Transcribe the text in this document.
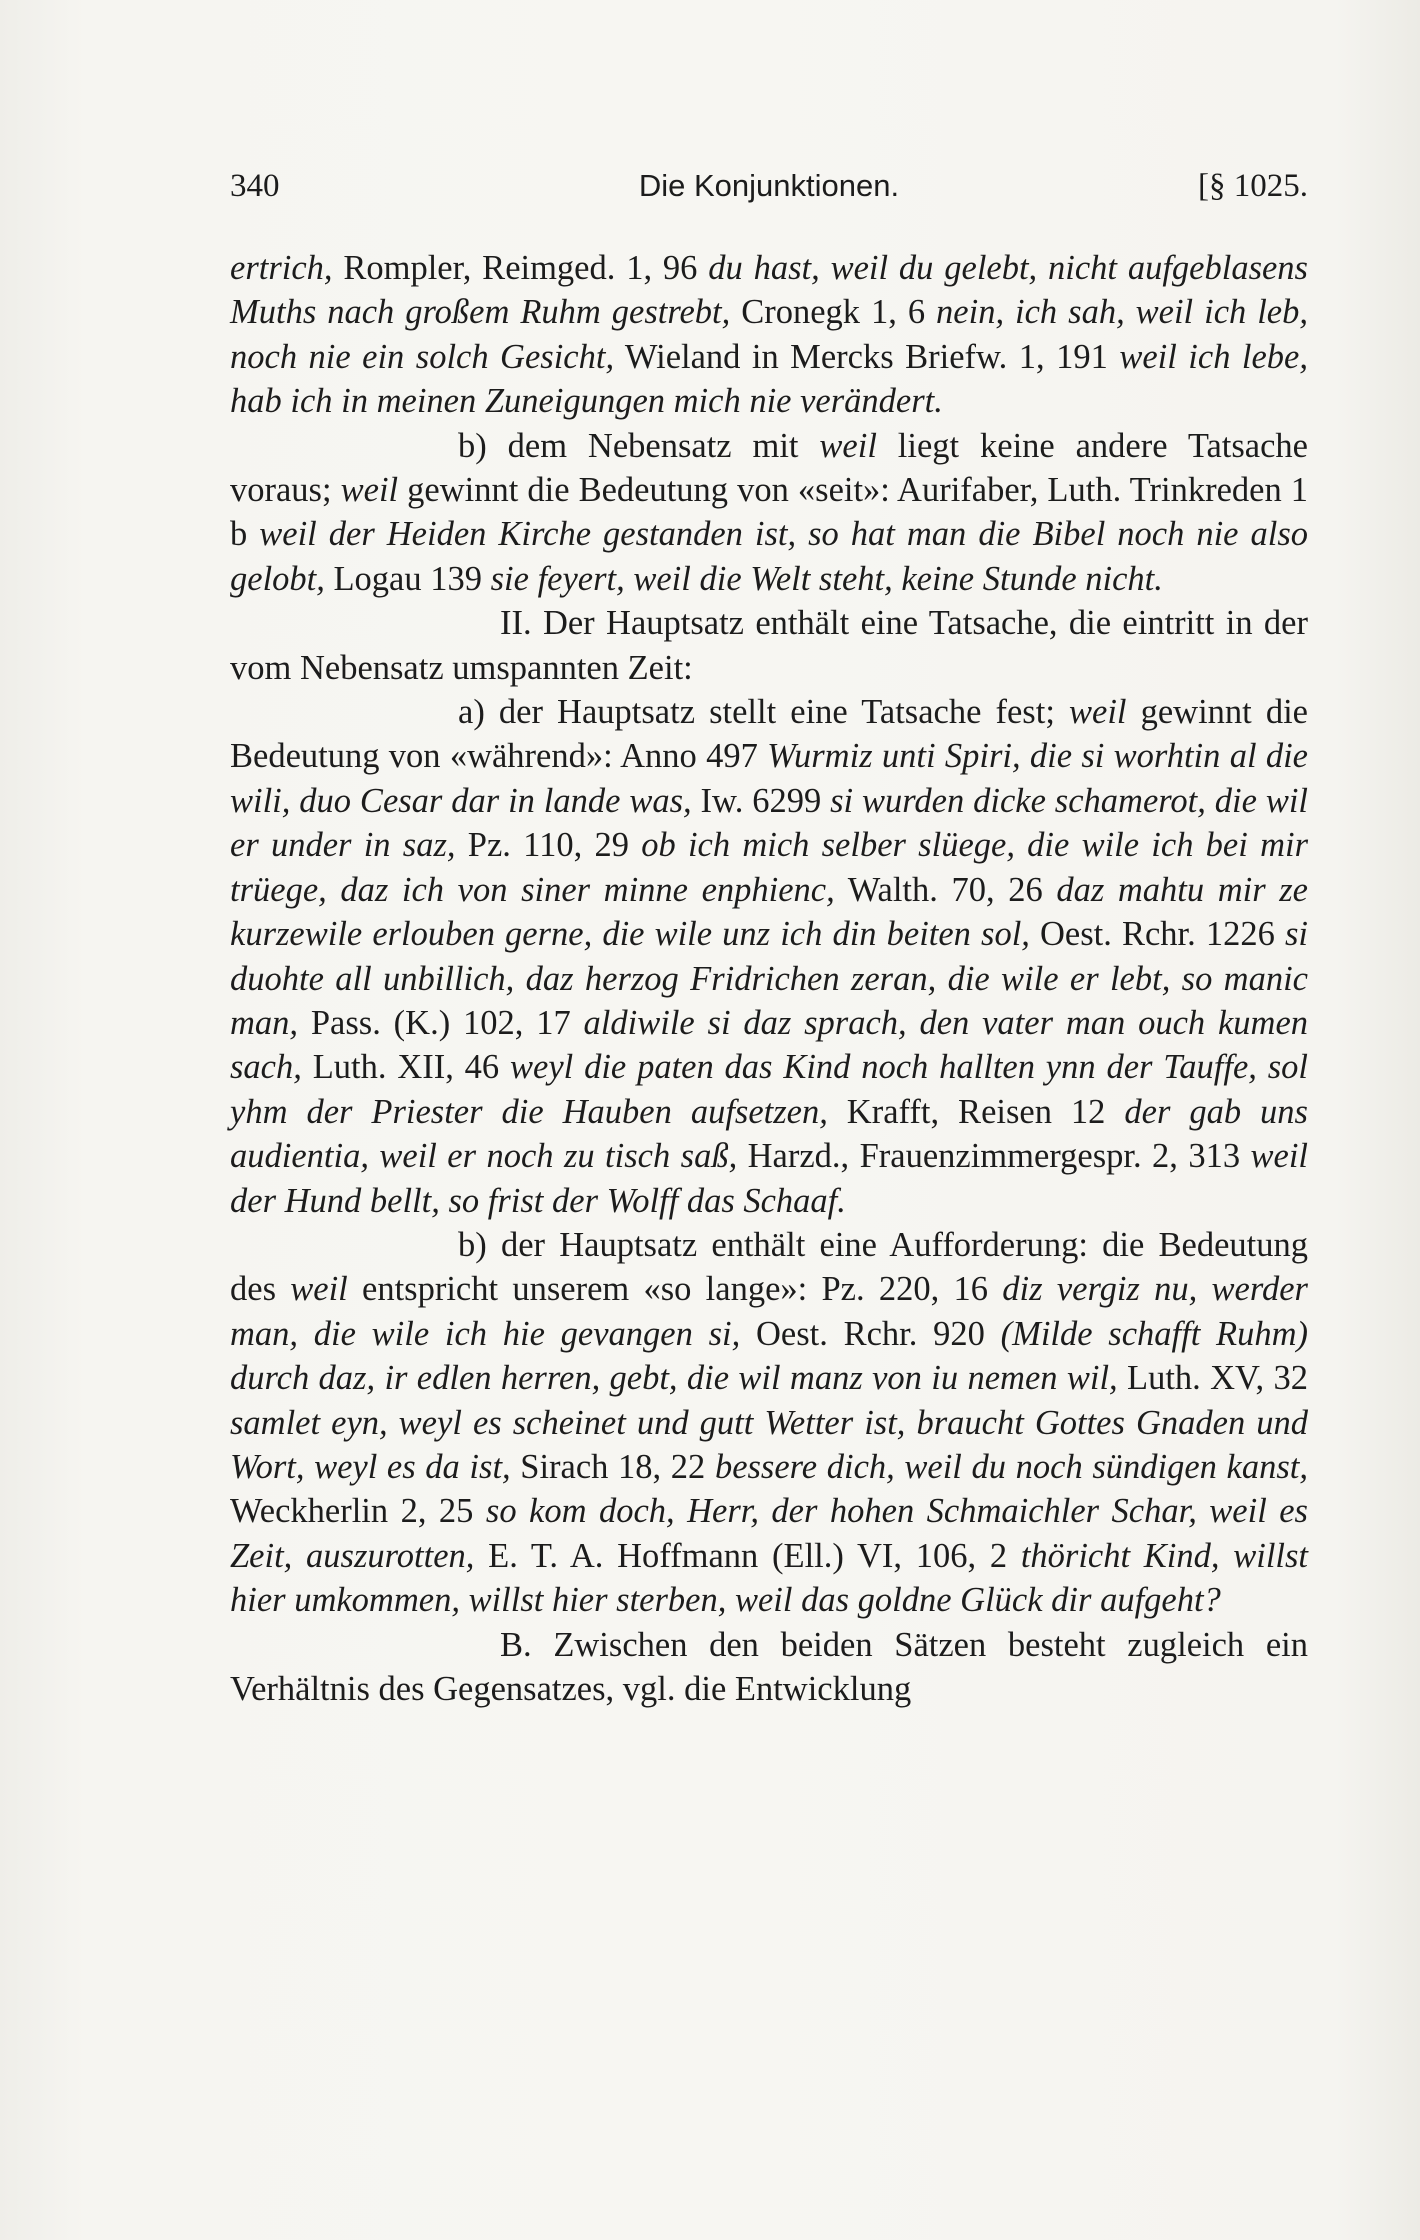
340	Die Konjunktionen.	[§ 1025.

ertrich, Rompler, Reimged. 1, 96 du hast, weil du gelebt, nicht aufgeblasens Muths nach großem Ruhm gestrebt, Cronegk 1, 6 nein, ich sah, weil ich leb, noch nie ein solch Gesicht, Wieland in Mercks Briefw. 1, 191 weil ich lebe, hab ich in meinen Zuneigungen mich nie verändert.

b) dem Nebensatz mit weil liegt keine andere Tatsache voraus; weil gewinnt die Bedeutung von «seit»: Aurifaber, Luth. Trinkreden 1 b weil der Heiden Kirche gestanden ist, so hat man die Bibel noch nie also gelobt, Logau 139 sie feyert, weil die Welt steht, keine Stunde nicht.

II. Der Hauptsatz enthält eine Tatsache, die eintritt in der vom Nebensatz umspannten Zeit:

a) der Hauptsatz stellt eine Tatsache fest; weil gewinnt die Bedeutung von «während»: Anno 497 Wurmiz unti Spiri, die si worhtin al die wili, duo Cesar dar in lande was, Iw. 6299 si wurden dicke schamerot, die wil er under in saz, Pz. 110, 29 ob ich mich selber slüege, die wile ich bei mir trüege, daz ich von siner minne enphienc, Walth. 70, 26 daz mahtu mir ze kurzewile erlouben gerne, die wile unz ich din beiten sol, Oest. Rchr. 1226 si duohte all unbillich, daz herzog Fridrichen zeran, die wile er lebt, so manic man, Pass. (K.) 102, 17 aldiwile si daz sprach, den vater man ouch kumen sach, Luth. XII, 46 weyl die paten das Kind noch hallten ynn der Tauffe, sol yhm der Priester die Hauben aufsetzen, Krafft, Reisen 12 der gab uns audientia, weil er noch zu tisch saß, Harzd., Frauenzimmergespr. 2, 313 weil der Hund bellt, so frist der Wolff das Schaaf.

b) der Hauptsatz enthält eine Aufforderung: die Bedeutung des weil entspricht unserem «so lange»: Pz. 220, 16 diz vergiz nu, werder man, die wile ich hie gevangen si, Oest. Rchr. 920 (Milde schafft Ruhm) durch daz, ir edlen herren, gebt, die wil manz von iu nemen wil, Luth. XV, 32 samlet eyn, weyl es scheinet und gutt Wetter ist, braucht Gottes Gnaden und Wort, weyl es da ist, Sirach 18, 22 bessere dich, weil du noch sündigen kanst, Weckherlin 2, 25 so kom doch, Herr, der hohen Schmaichler Schar, weil es Zeit, auszurotten, E. T. A. Hoffmann (Ell.) VI, 106, 2 thöricht Kind, willst hier umkommen, willst hier sterben, weil das goldne Glück dir aufgeht?

B. Zwischen den beiden Sätzen besteht zugleich ein Verhältnis des Gegensatzes, vgl. die Entwicklung
